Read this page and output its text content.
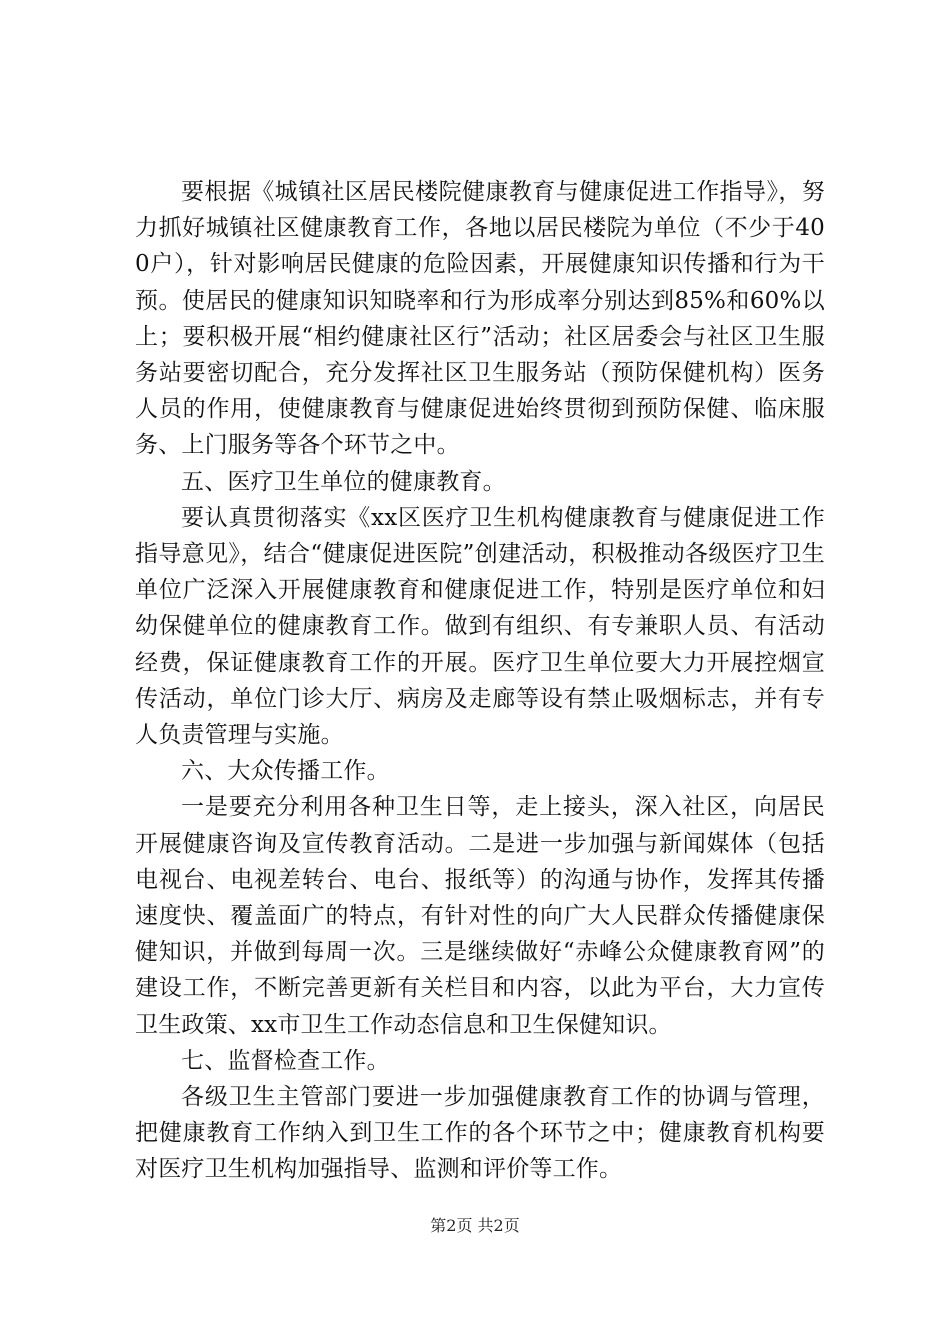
要根据《城镇社区居民楼院健康教育与健康促进工作指导》，努力抓好城镇社区健康教育工作，各地以居民楼院为单位（不少于400户），针对影响居民健康的危险因素，开展健康知识传播和行为干预。使居民的健康知识知晓率和行为形成率分别达到85%和60%以上；要积极开展“相约健康社区行”活动；社区居委会与社区卫生服务站要密切配合，充分发挥社区卫生服务站（预防保健机构）医务人员的作用，使健康教育与健康促进始终贯彻到预防保健、临床服务、上门服务等各个环节之中。

五、医疗卫生单位的健康教育。

要认真贯彻落实《xx区医疗卫生机构健康教育与健康促进工作指导意见》，结合“健康促进医院”创建活动，积极推动各级医疗卫生单位广泛深入开展健康教育和健康促进工作，特别是医疗单位和妇幼保健单位的健康教育工作。做到有组织、有专兼职人员、有活动经费，保证健康教育工作的开展。医疗卫生单位要大力开展控烟宣传活动，单位门诊大厅、病房及走廊等设有禁止吸烟标志，并有专人负责管理与实施。

六、大众传播工作。

一是要充分利用各种卫生日等，走上接头，深入社区，向居民开展健康咨询及宣传教育活动。二是进一步加强与新闻媒体（包括电视台、电视差转台、电台、报纸等）的沟通与协作，发挥其传播速度快、覆盖面广的特点，有针对性的向广大人民群众传播健康保健知识，并做到每周一次。三是继续做好“赤峰公众健康教育网”的建设工作，不断完善更新有关栏目和内容，以此为平台，大力宣传卫生政策、xx市卫生工作动态信息和卫生保健知识。

七、监督检查工作。

各级卫生主管部门要进一步加强健康教育工作的协调与管理，把健康教育工作纳入到卫生工作的各个环节之中；健康教育机构要对医疗卫生机构加强指导、监测和评价等工作。

第2页 共2页
